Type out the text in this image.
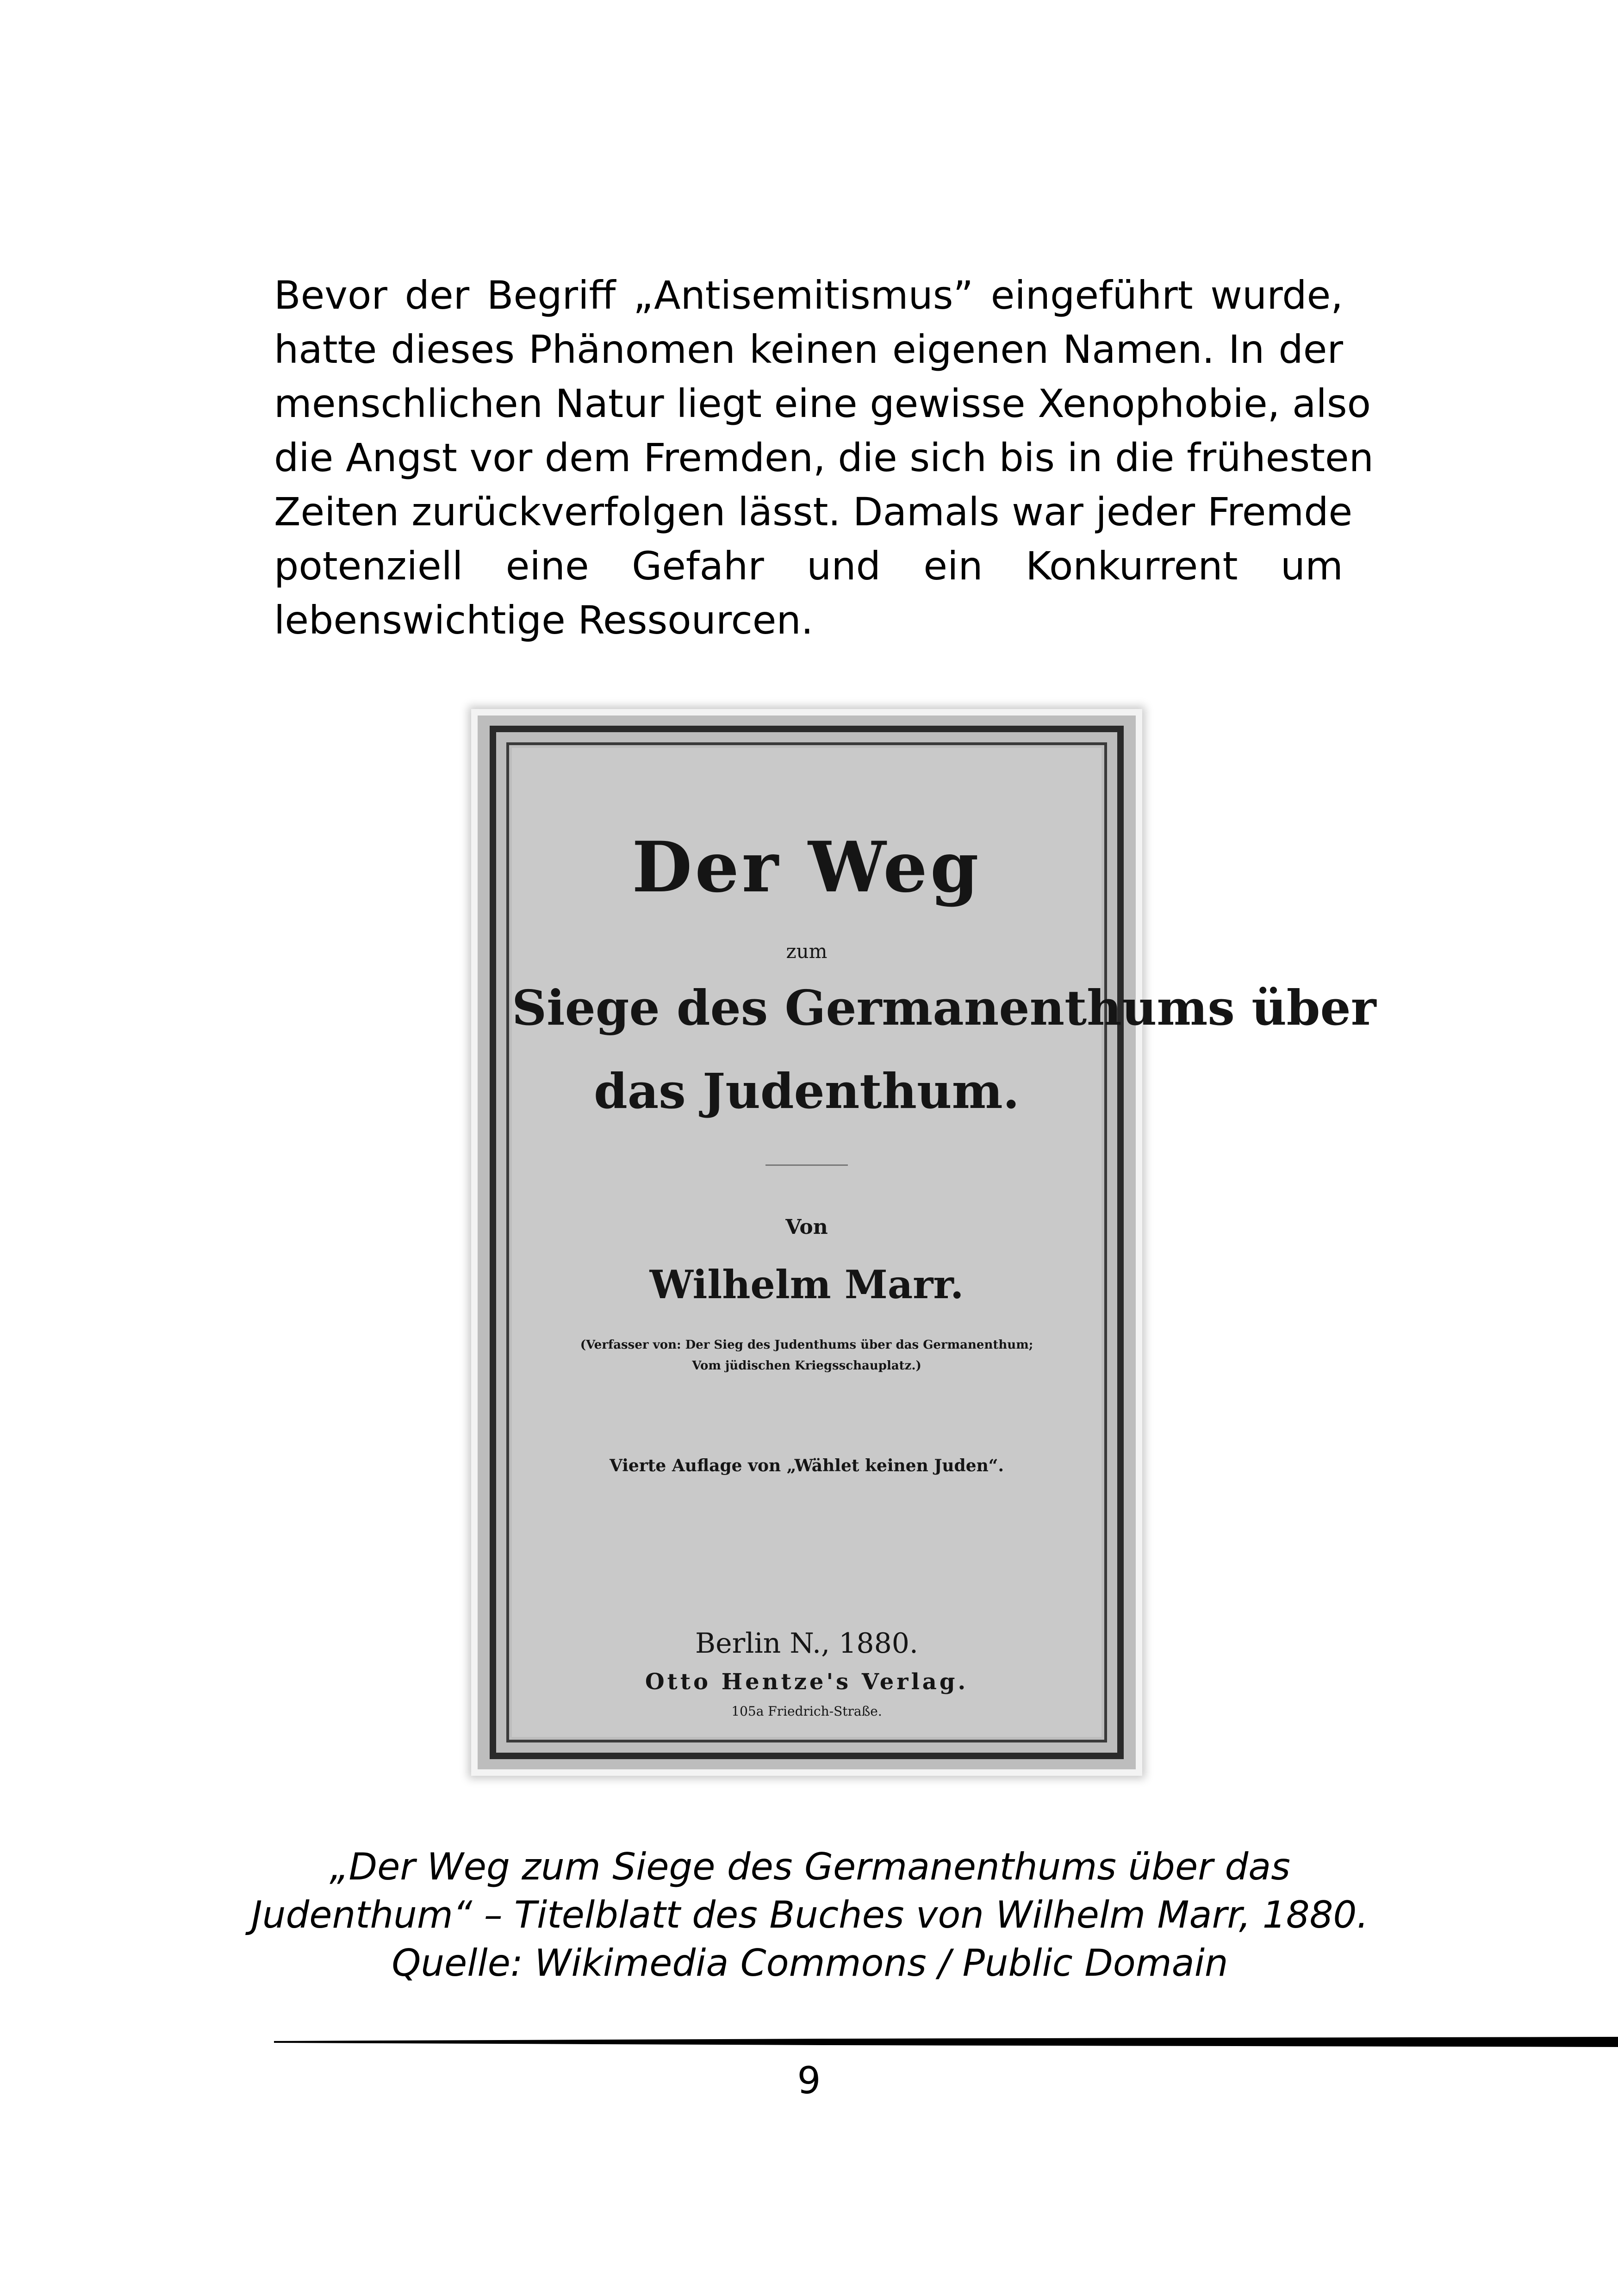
Bevor der Begriff „Antisemitismus” eingeführt wurde,
hatte dieses Phänomen keinen eigenen Namen. In der
menschlichen Natur liegt eine gewisse Xenophobie, also
die Angst vor dem Fremden, die sich bis in die frühesten
Zeiten zurückverfolgen lässt. Damals war jeder Fremde
potenziell eine Gefahr und ein Konkurrent um
lebenswichtige Ressourcen.
Der Weg
zum
Siege des Germanenthums über
das Judenthum.
Von
Wilhelm Marr.
(Verfasser von: Der Sieg des Judenthums über das Germanenthum;
Vom jüdischen Kriegsschauplatz.)
Vierte Auflage von „Wählet keinen Juden“.
Berlin N., 1880.
Otto Hentze's Verlag.
105a Friedrich-Straße.
„Der Weg zum Siege des Germanenthums über das
Judenthum“ – Titelblatt des Buches von Wilhelm Marr, 1880.
Quelle: Wikimedia Commons / Public Domain
9
